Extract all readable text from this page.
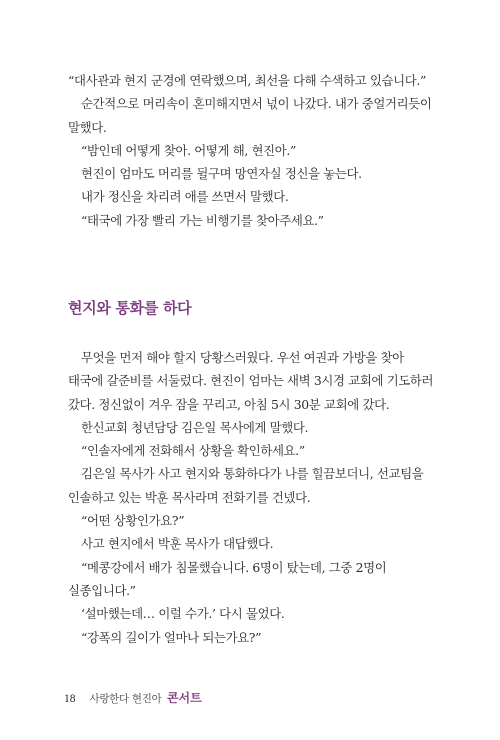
“대사관과 현지 군경에 연락했으며, 최선을 다해 수색하고 있습니다.”

순간적으로 머리속이 혼미해지면서 넋이 나갔다. 내가 중얼거리듯이 말했다.

“밤인데 어떻게 찾아. 어떻게 해, 현진아.”

현진이 엄마도 머리를 뒬구며 망연자실 정신을 놓는다.

내가 정신을 차리려 애를 쓰면서 말했다.

“태국에 가장 빨리 가는 비행기를 찾아주세요.”

현지와 통화를 하다

무엇을 먼저 해야 할지 당황스러웠다. 우선 여권과 가방을 찾아 태국에 갈준비를 서둘렀다. 현진이 엄마는 새벽 3시경 교회에 기도하러 갔다. 정신없이 겨우 잠을 꾸리고, 아침 5시 30분 교회에 갔다.

한신교회 청년담당 김은일 목사에게 말했다.

“인솔자에게 전화해서 상황을 확인하세요.”

김은일 목사가 사고 현지와 통화하다가 나를 힐끔보더니, 선교팀을 인솔하고 있는 박훈 목사라며 전화기를 건넸다.

“어떤 상황인가요?”

사고 현지에서 박훈 목사가 대답했다.

“메콩강에서 배가 침몰했습니다. 6명이 탔는데, 그중 2명이 실종입니다.”

‘설마했는데… 이럴 수가.’ 다시 물었다.

“강폭의 길이가 얼마나 되는가요?”

18 사랑한다 현진아 콘서트
